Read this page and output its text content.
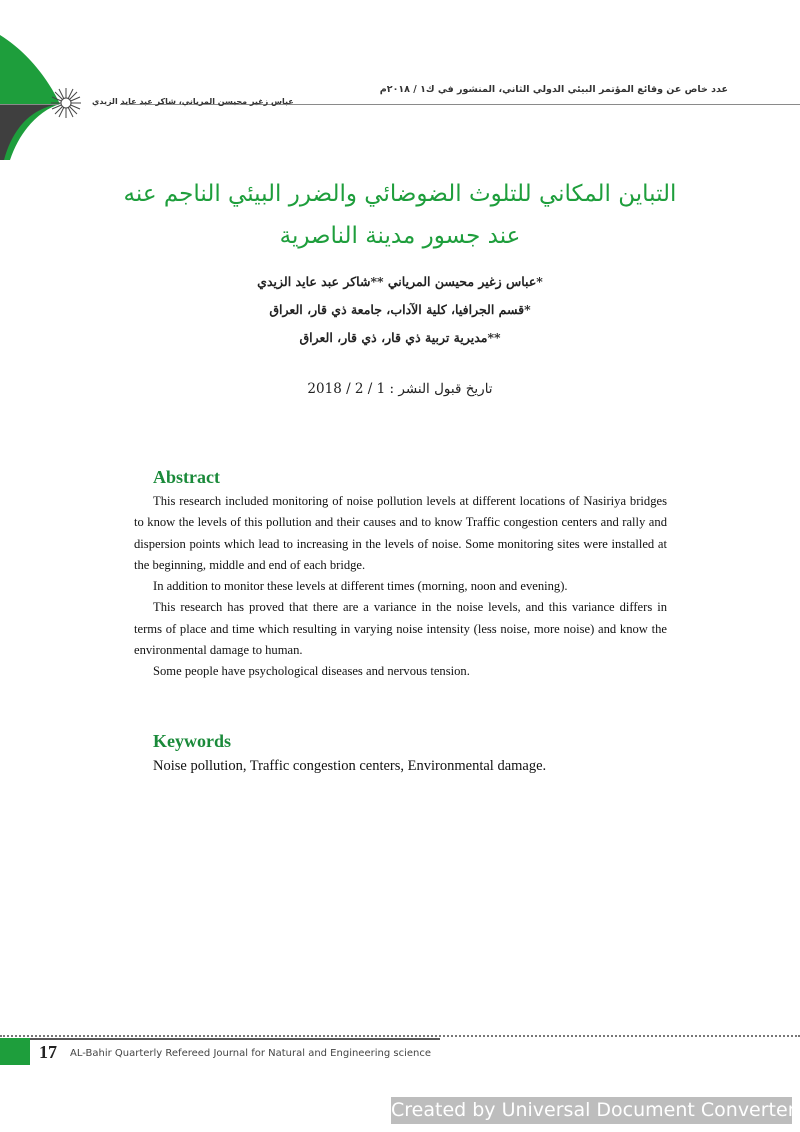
عدد خاص عن وقائع المؤتمر البيئي الدولي الثاني، المنشور في ك١ / ٢٠١٨م
عباس زغير محيسن المرياني، شاكر عبد عايد الزيدي
التباين المكاني للتلوث الضوضائي والضرر البيئي الناجم عنه
عند جسور مدينة الناصرية
*عباس زغير محيسن المرياني **شاكر عبد عايد الزيدي
*قسم الجرافيا، كلية الآداب، جامعة ذي قار، العراق
**مديرية تربية ذي قار، ذي قار، العراق
تاريخ قبول النشر : 1 / 2 / 2018
Abstract

This research included monitoring of noise pollution levels at different locations of Nasiriya bridges to know the levels of this pollution and their causes and to know Traffic congestion centers and rally and dispersion points which lead to increasing in the levels of noise. Some monitoring sites were installed at the beginning, middle and end of each bridge.

In addition to monitor these levels at different times (morning, noon and evening).

This research has proved that there are a variance in the noise levels, and this variance differs in terms of place and time which resulting in varying noise intensity (less noise, more noise) and know the environmental damage to human.

Some people have psychological diseases and nervous tension.

Keywords
Noise pollution, Traffic congestion centers, Environmental damage.
17 AL-Bahir Quarterly Refereed Journal for Natural and Engineering science
Created by Universal Document Converter
